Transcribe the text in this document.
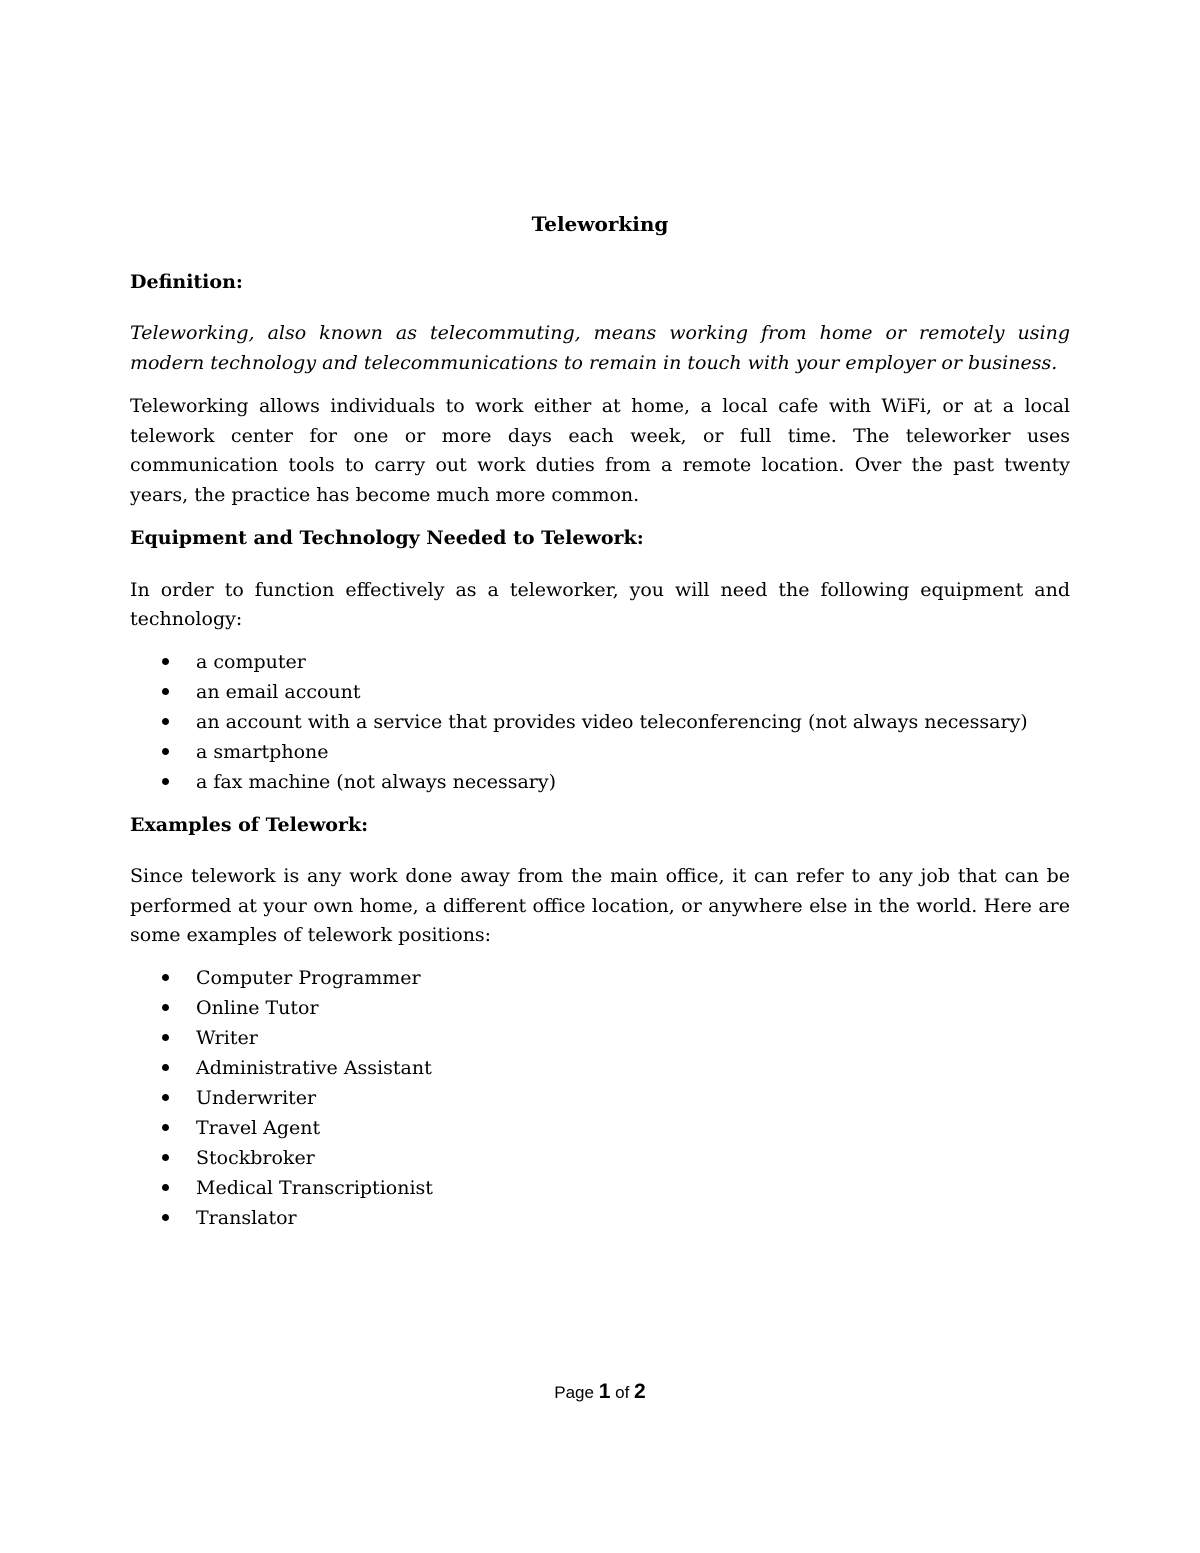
Teleworking
Definition:

Teleworking, also known as telecommuting, means working from home or remotely using modern technology and telecommunications to remain in touch with your employer or business.

Teleworking allows individuals to work either at home, a local cafe with WiFi, or at a local telework center for one or more days each week, or full time. The teleworker uses communication tools to carry out work duties from a remote location. Over the past twenty years, the practice has become much more common.

Equipment and Technology Needed to Telework:

In order to function effectively as a teleworker, you will need the following equipment and technology:

a computer
an email account
an account with a service that provides video teleconferencing (not always necessary)
a smartphone
a fax machine (not always necessary)
Examples of Telework:

Since telework is any work done away from the main office, it can refer to any job that can be performed at your own home, a different office location, or anywhere else in the world. Here are some examples of telework positions:

Computer Programmer
Online Tutor
Writer
Administrative Assistant
Underwriter
Travel Agent
Stockbroker
Medical Transcriptionist
Translator
Page 1 of 2
